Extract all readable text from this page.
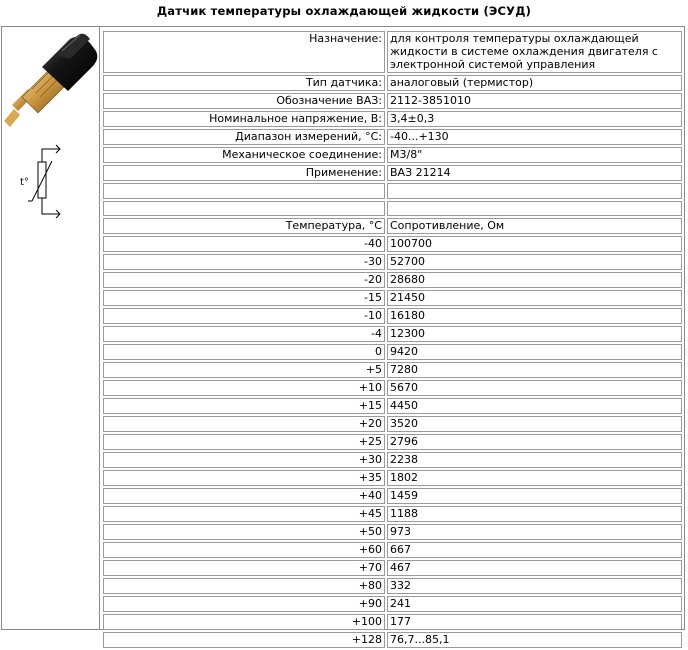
Датчик температуры охлаждающей жидкости (ЭСУД)
t°
Назначение:	для контроля температуры охлаждающей жидкости в системе охлаждения двигателя с электронной системой управления
Тип датчика:	аналоговый (термистор)
Обозначение ВАЗ:	2112-3851010
Номинальное напряжение, В:	3,4±0,3
Диапазон измерений, °С:	-40...+130
Механическое соединение:	М3/8"
Применение:	ВАЗ 21214

Температура, °С	Сопротивление, Ом
-40	100700
-30	52700
-20	28680
-15	21450
-10	16180
-4	12300
0	9420
+5	7280
+10	5670
+15	4450
+20	3520
+25	2796
+30	2238
+35	1802
+40	1459
+45	1188
+50	973
+60	667
+70	467
+80	332
+90	241
+100	177
+128	76,7...85,1
